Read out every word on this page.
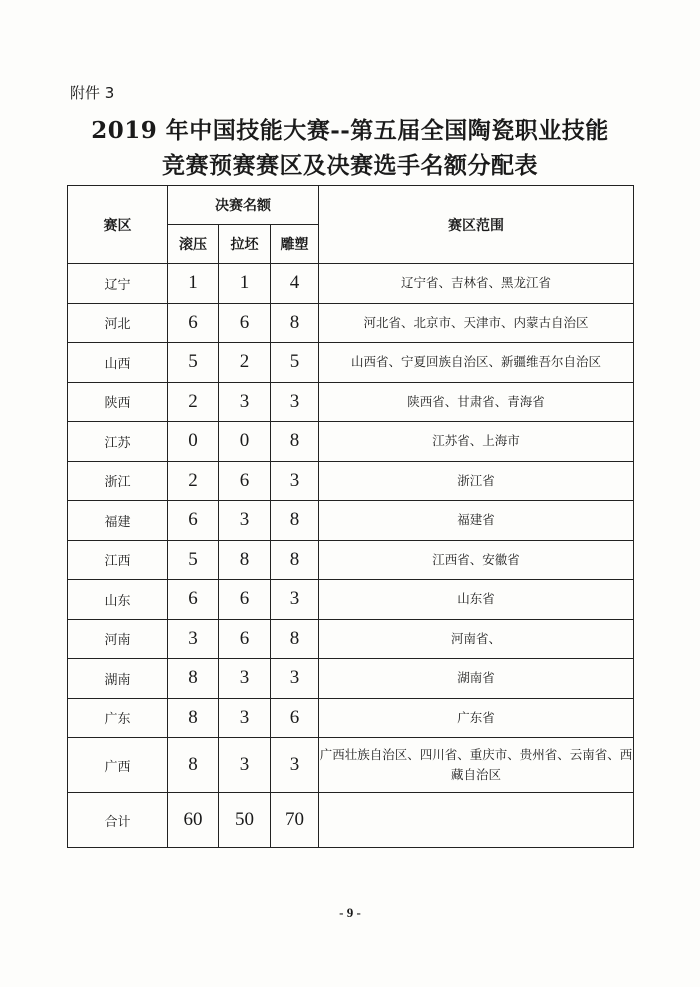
附件 3
2019 年中国技能大赛--第五届全国陶瓷职业技能
竞赛预赛赛区及决赛选手名额分配表
赛区	决赛名额			赛区范围
	滚压	拉坯	雕塑	
辽宁	1	1	4	辽宁省、吉林省、黑龙江省
河北	6	6	8	河北省、北京市、天津市、内蒙古自治区
山西	5	2	5	山西省、宁夏回族自治区、新疆维吾尔自治区
陕西	2	3	3	陕西省、甘肃省、青海省
江苏	0	0	8	江苏省、上海市
浙江	2	6	3	浙江省
福建	6	3	8	福建省
江西	5	8	8	江西省、安徽省
山东	6	6	3	山东省
河南	3	6	8	河南省、
湖南	8	3	3	湖南省
广东	8	3	6	广东省
广西	8	3	3	广西壮族自治区、四川省、重庆市、贵州省、云南省、西藏自治区
合计	60	50	70	
- 9 -
